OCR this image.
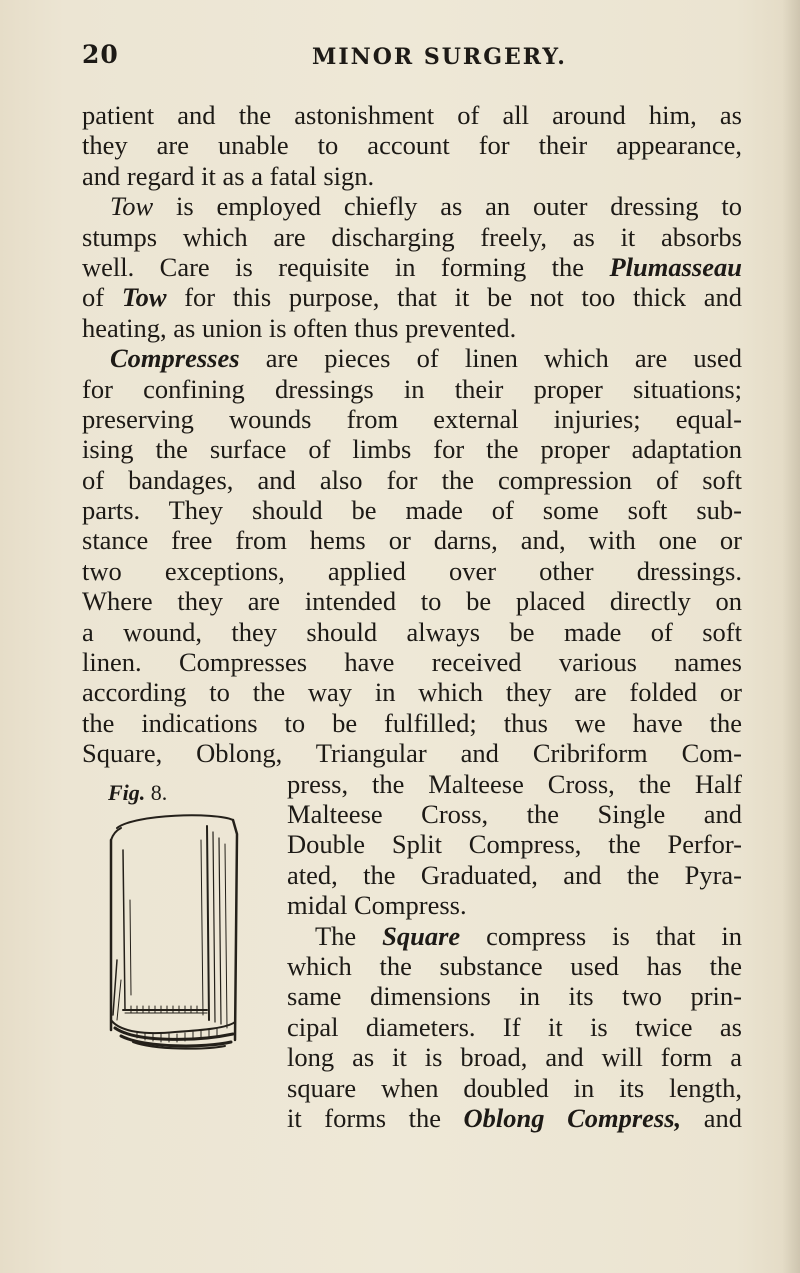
20	MINOR SURGERY.
patient and the astonishment of all around him, as
they are unable to account for their appearance,
and regard it as a fatal sign.
Tow is employed chiefly as an outer dressing to
stumps which are discharging freely, as it absorbs
well. Care is requisite in forming the Plumasseau
of Tow for this purpose, that it be not too thick and
heating, as union is often thus prevented.
Compresses are pieces of linen which are used
for confining dressings in their proper situations;
preserving wounds from external injuries; equal-
ising the surface of limbs for the proper adaptation
of bandages, and also for the compression of soft
parts. They should be made of some soft sub-
stance free from hems or darns, and, with one or
two exceptions, applied over other dressings.
Where they are intended to be placed directly on
a wound, they should always be made of soft
linen. Compresses have received various names
according to the way in which they are folded or
the indications to be fulfilled; thus we have the
Square, Oblong, Triangular and Cribriform Com-
press, the Malteese Cross, the Half
Malteese Cross, the Single and
Double Split Compress, the Perfor-
ated, the Graduated, and the Pyra-
midal Compress.
The Square compress is that in
which the substance used has the
same dimensions in its two prin-
cipal diameters. If it is twice as
long as it is broad, and will form a
square when doubled in its length,
it forms the Oblong Compress, and
Fig. 8.
